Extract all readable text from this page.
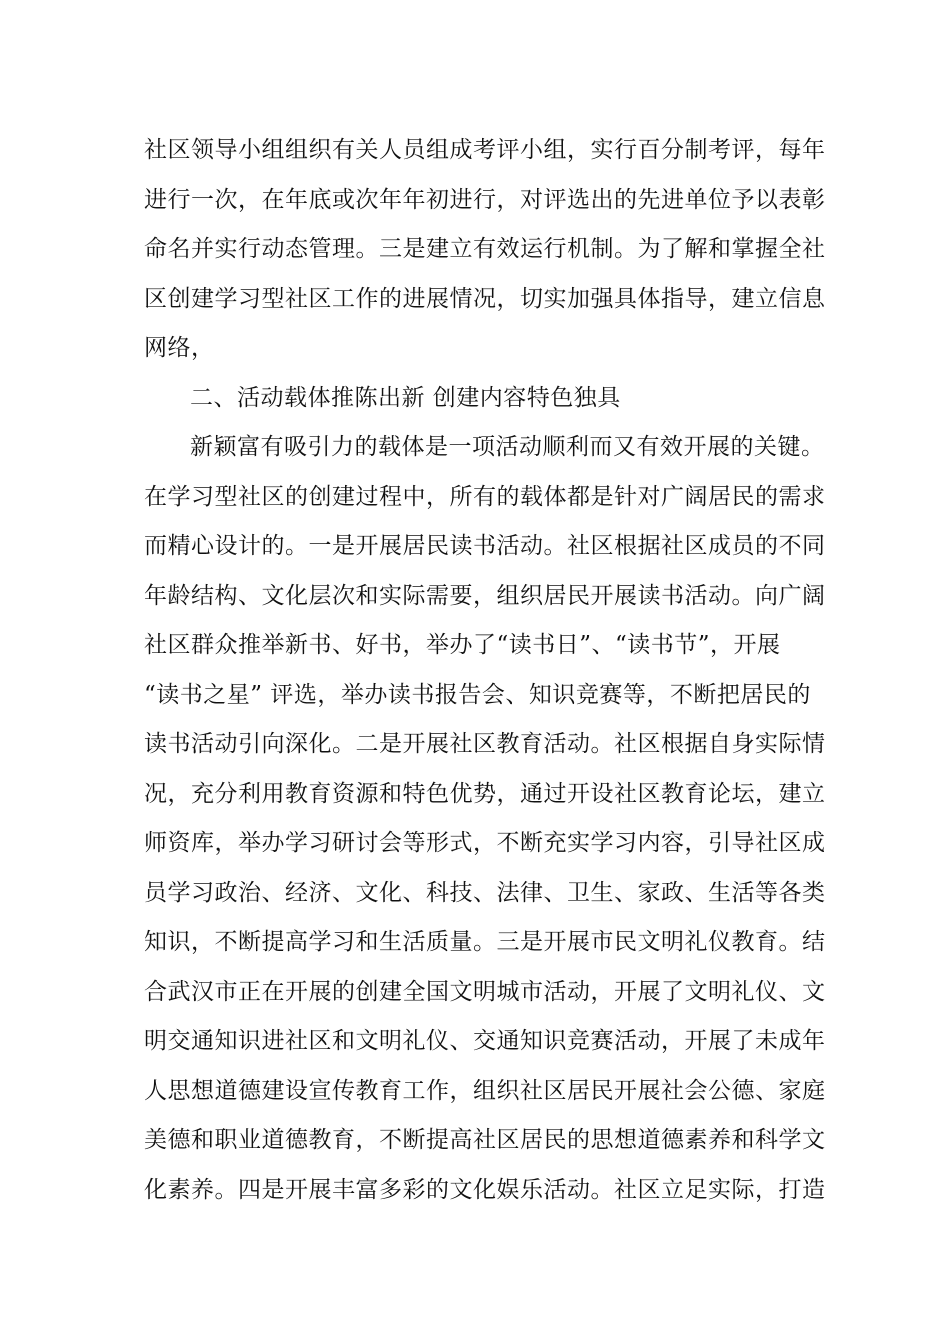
社区领导小组组织有关人员组成考评小组，实行百分制考评，每年
进行一次，在年底或次年年初进行，对评选出的先进单位予以表彰
命名并实行动态管理。三是建立有效运行机制。为了解和掌握全社
区创建学习型社区工作的进展情况，切实加强具体指导，建立信息
网络，
二、活动载体推陈出新 创建内容特色独具
新颖富有吸引力的载体是一项活动顺利而又有效开展的关键。
在学习型社区的创建过程中，所有的载体都是针对广阔居民的需求
而精心设计的。一是开展居民读书活动。社区根据社区成员的不同
年龄结构、文化层次和实际需要，组织居民开展读书活动。向广阔
社区群众推举新书、好书，举办了“读书日”、“读书节”，开展
“读书之星” 评选，举办读书报告会、知识竞赛等，不断把居民的
读书活动引向深化。二是开展社区教育活动。社区根据自身实际情
况，充分利用教育资源和特色优势，通过开设社区教育论坛，建立
师资库，举办学习研讨会等形式，不断充实学习内容，引导社区成
员学习政治、经济、文化、科技、法律、卫生、家政、生活等各类
知识，不断提高学习和生活质量。三是开展市民文明礼仪教育。结
合武汉市正在开展的创建全国文明城市活动，开展了文明礼仪、文
明交通知识进社区和文明礼仪、交通知识竞赛活动，开展了未成年
人思想道德建设宣传教育工作，组织社区居民开展社会公德、家庭
美德和职业道德教育，不断提高社区居民的思想道德素养和科学文
化素养。四是开展丰富多彩的文化娱乐活动。社区立足实际，打造
